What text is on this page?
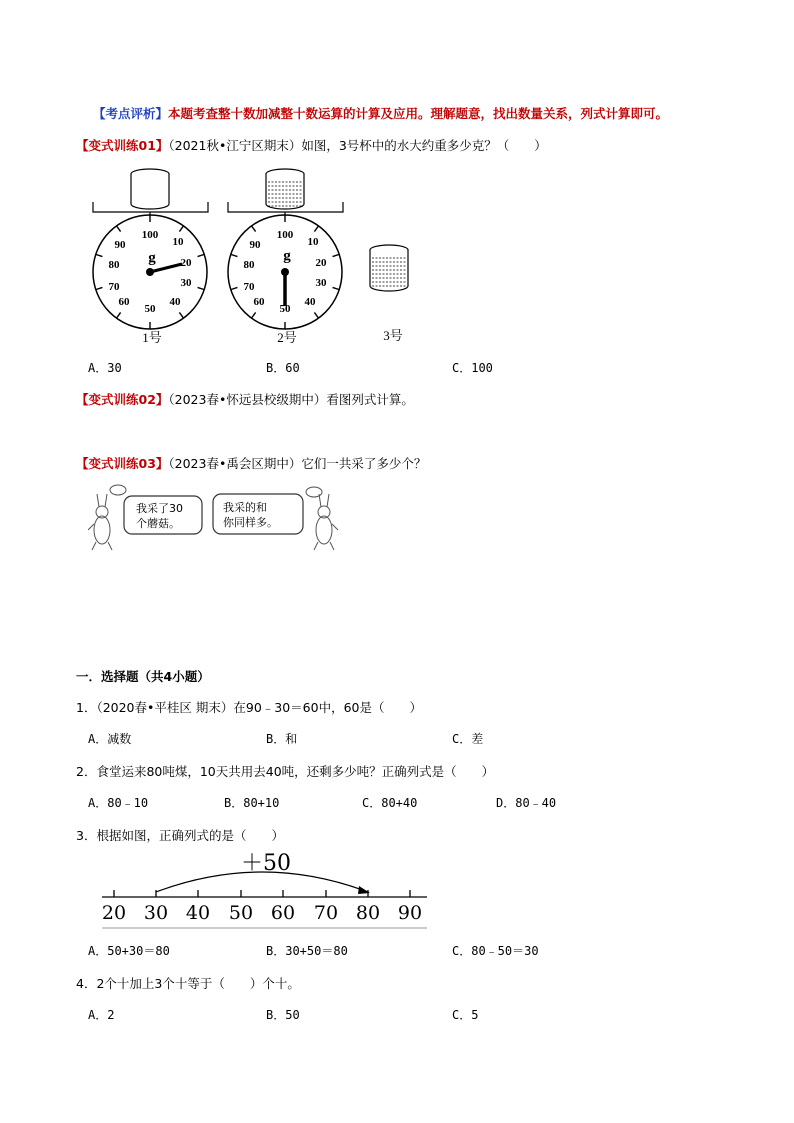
【考点评析】本题考查整十数加减整十数运算的计算及应用。理解题意，找出数量关系，列式计算即可。
【变式训练01】（2021秋•江宁区期末）如图，3号杯中的水大约重多少克？（　　）
100
10
20
30
40
50
60
70
80
90
g
1号
100
10
20
30
40
50
60
70
80
90
g
2号	3号
A．30	B．60	C．100
【变式训练02】（2023春•怀远县校级期中）看图列式计算。
【变式训练03】（2023春•禹会区期中）它们一共采了多少个？
我采了30
个蘑菇。
我采的和
你同样多。
一．选择题（共4小题）
1．（2020春•平桂区 期末）在90﹣30＝60中，60是（　　）
A．减数	B．和	C．差
2．食堂运来80吨煤，10天共用去40吨，还剩多少吨？正确列式是（　　）
A．80﹣10	B．80+10	C．80+40	D．80﹣40
3．根据如图，正确列式的是（　　）
＋50
20 30 40 50 60 70 80 90
A．50+30＝80	B．30+50＝80	C．80﹣50＝30
4．2个十加上3个十等于（　　）个十。
A．2	B．50	C．5
